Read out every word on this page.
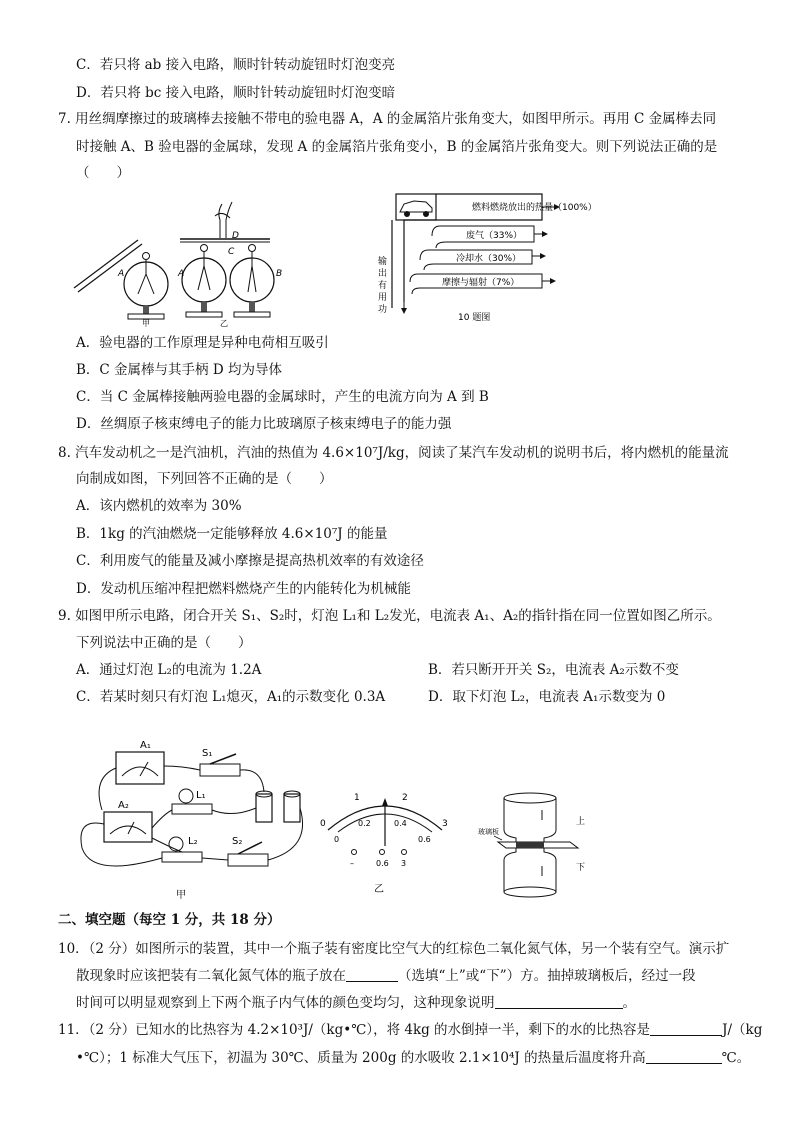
C．若只将 ab 接入电路，顺时针转动旋钮时灯泡变亮
D．若只将 bc 接入电路，顺时针转动旋钮时灯泡变暗
7. 用丝绸摩擦过的玻璃棒去接触不带电的验电器 A，A 的金属箔片张角变大，如图甲所示。再用 C 金属棒去同
时接触 A、B 验电器的金属球，发现 A 的金属箔片张角变小，B 的金属箔片张角变大。则下列说法正确的是
（　　）
A
甲
D
C
A	B
乙
燃料燃烧放出的热量（100%）
废气（33%）
冷却水（30%）
摩擦与辐射（7%）
输
出
有
用
功
10 题图
A．验电器的工作原理是异种电荷相互吸引
B．C 金属棒与其手柄 D 均为导体
C．当 C 金属棒接触两验电器的金属球时，产生的电流方向为 A 到 B
D．丝绸原子核束缚电子的能力比玻璃原子核束缚电子的能力强
8. 汽车发动机之一是汽油机，汽油的热值为 4.6×10⁷J/kg，阅读了某汽车发动机的说明书后，将内燃机的能量流
向制成如图，下列回答不正确的是（　　）
A．该内燃机的效率为 30%
B．1kg 的汽油燃烧一定能够释放 4.6×10⁷J 的能量
C．利用废气的能量及减小摩擦是提高热机效率的有效途径
D．发动机压缩冲程把燃料燃烧产生的内能转化为机械能
9. 如图甲所示电路，闭合开关 S₁、S₂时，灯泡 L₁和 L₂发光，电流表 A₁、A₂的指针指在同一位置如图乙所示。
下列说法中正确的是（　　）
A．通过灯泡 L₂的电流为 1.2A	B．若只断开开关 S₂，电流表 A₂示数不变
C．若某时刻只有灯泡 L₁熄灭，A₁的示数变化 0.3A	D．取下灯泡 L₂，电流表 A₁示数变为 0
A₁
A₂
S₁
L₁
L₂	S₂
甲
0
1	2
3
0
0.2	0.4
0.6
–	0.6 3
乙
玻璃板
上
下
二、填空题（每空 1 分，共 18 分）
10．（2 分）如图所示的装置，其中一个瓶子装有密度比空气大的红棕色二氧化氮气体，另一个装有空气。演示扩
散现象时应该把装有二氧化氮气体的瓶子放在	（选填“上”或“下”）方。抽掉玻璃板后，经过一段
时间可以明显观察到上下两个瓶子内气体的颜色变均匀，这种现象说明	。
11．（2 分）已知水的比热容为 4.2×10³J/（kg•℃），将 4kg 的水倒掉一半，剩下的水的比热容是	J/（kg
•℃）；1 标准大气压下，初温为 30℃、质量为 200g 的水吸收 2.1×10⁴J 的热量后温度将升高	℃。
